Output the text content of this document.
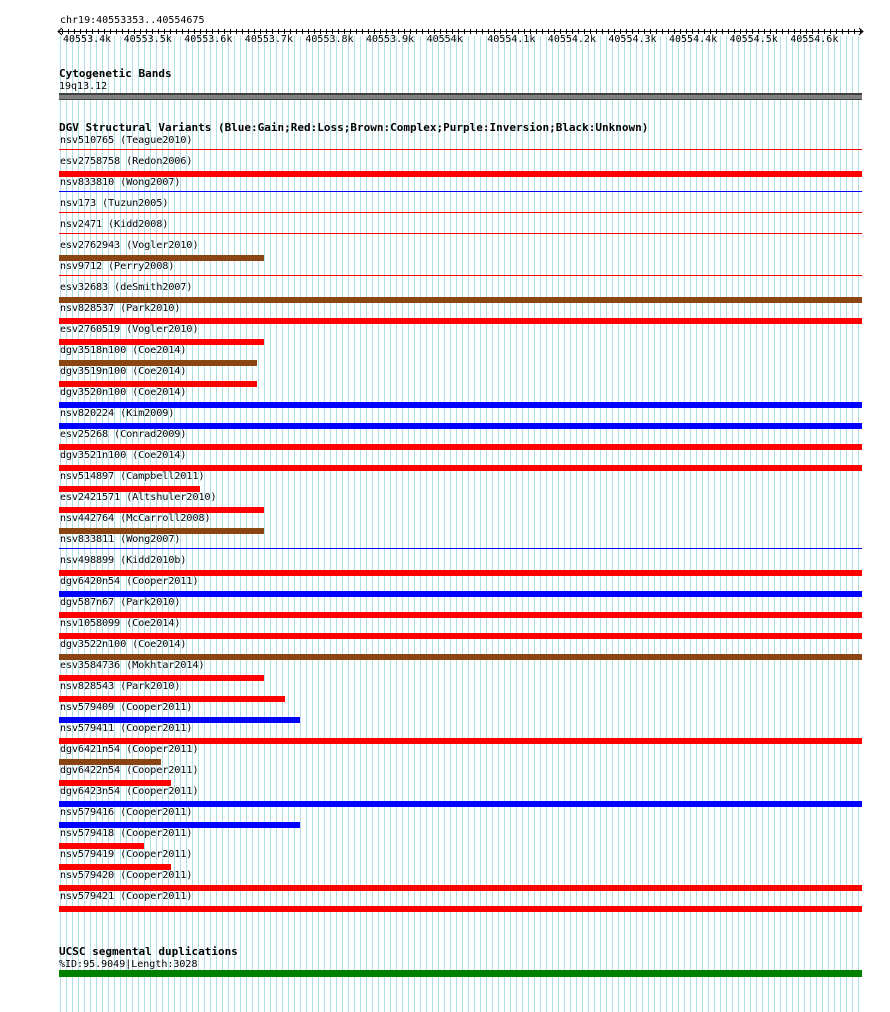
chr19:40553353..40554675
40553.4k 40553.5k 40553.6k 40553.7k 40553.8k 40553.9k 40554k 40554.1k 40554.2k 40554.3k 40554.4k 40554.5k 40554.6k
Cytogenetic Bands
19q13.12
DGV Structural Variants (Blue:Gain;Red:Loss;Brown:Complex;Purple:Inversion;Black:Unknown)
nsv510765 (Teague2010)
esv2758758 (Redon2006)
nsv833810 (Wong2007)
nsv173 (Tuzun2005)
nsv2471 (Kidd2008)
esv2762943 (Vogler2010)
nsv9712 (Perry2008)
esv32683 (deSmith2007)
nsv828537 (Park2010)
esv2760519 (Vogler2010)
dgv3518n100 (Coe2014)
dgv3519n100 (Coe2014)
dgv3520n100 (Coe2014)
nsv820224 (Kim2009)
esv25268 (Conrad2009)
dgv3521n100 (Coe2014)
nsv514897 (Campbell2011)
esv2421571 (Altshuler2010)
nsv442764 (McCarroll2008)
nsv833811 (Wong2007)
nsv498899 (Kidd2010b)
dgv6420n54 (Cooper2011)
dgv587n67 (Park2010)
nsv1058099 (Coe2014)
dgv3522n100 (Coe2014)
esv3584736 (Mokhtar2014)
nsv828543 (Park2010)
nsv579409 (Cooper2011)
nsv579411 (Cooper2011)
dgv6421n54 (Cooper2011)
dgv6422n54 (Cooper2011)
dgv6423n54 (Cooper2011)
nsv579416 (Cooper2011)
nsv579418 (Cooper2011)
nsv579419 (Cooper2011)
nsv579420 (Cooper2011)
nsv579421 (Cooper2011)
UCSC segmental duplications
%ID:95.9049|Length:3028
